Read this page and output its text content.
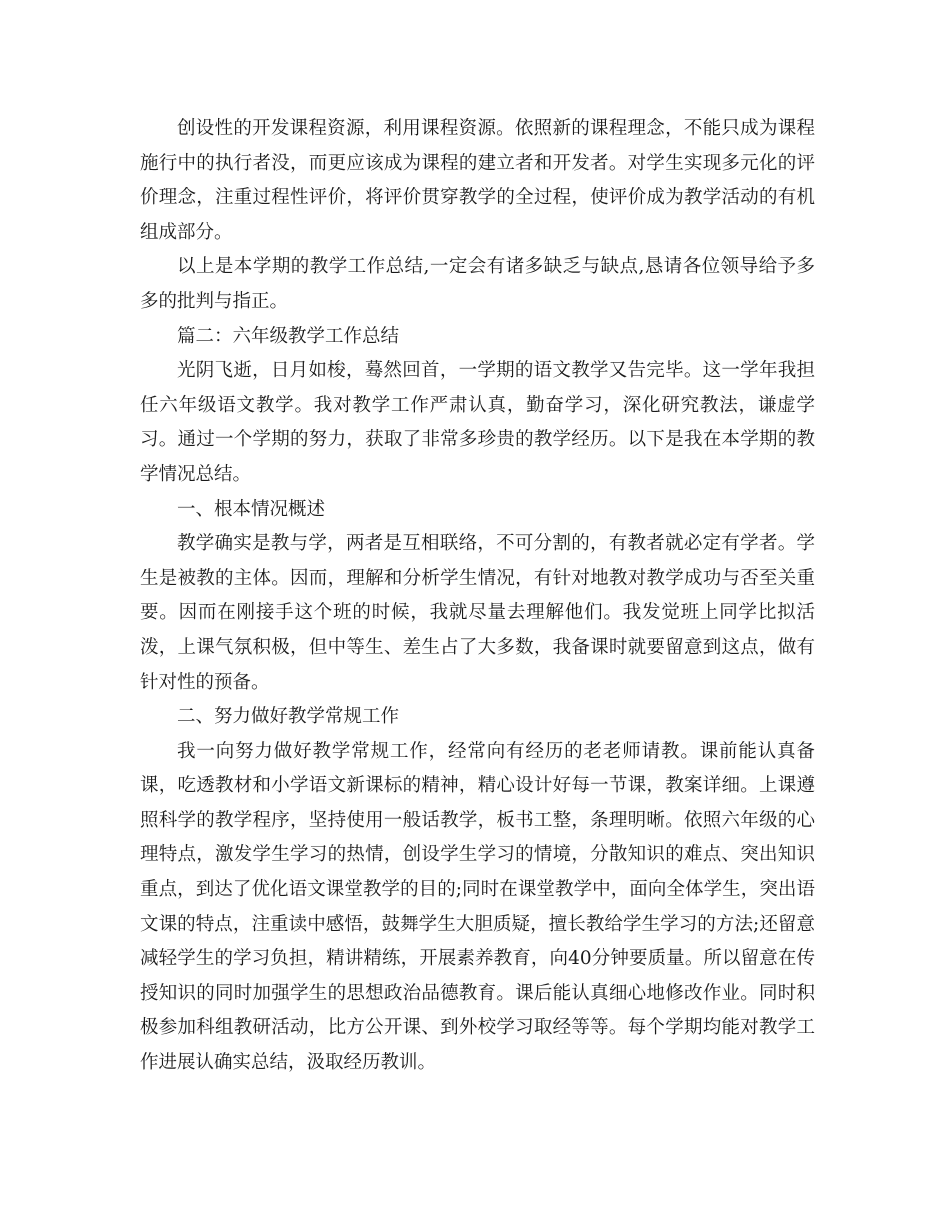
创设性的开发课程资源，利用课程资源。依照新的课程理念，不能只成为课程施行中的执行者没，而更应该成为课程的建立者和开发者。对学生实现多元化的评价理念，注重过程性评价，将评价贯穿教学的全过程，使评价成为教学活动的有机组成部分。

以上是本学期的教学工作总结,一定会有诸多缺乏与缺点,恳请各位领导给予多多的批判与指正。

篇二：六年级教学工作总结

光阴飞逝，日月如梭，蓦然回首，一学期的语文教学又告完毕。这一学年我担任六年级语文教学。我对教学工作严肃认真，勤奋学习，深化研究教法，谦虚学习。通过一个学期的努力，获取了非常多珍贵的教学经历。以下是我在本学期的教学情况总结。

一、根本情况概述

教学确实是教与学，两者是互相联络，不可分割的，有教者就必定有学者。学生是被教的主体。因而，理解和分析学生情况，有针对地教对教学成功与否至关重要。因而在刚接手这个班的时候，我就尽量去理解他们。我发觉班上同学比拟活泼，上课气氛积极，但中等生、差生占了大多数，我备课时就要留意到这点，做有针对性的预备。

二、努力做好教学常规工作

我一向努力做好教学常规工作，经常向有经历的老老师请教。课前能认真备课，吃透教材和小学语文新课标的精神，精心设计好每一节课，教案详细。上课遵照科学的教学程序，坚持使用一般话教学，板书工整，条理明晰。依照六年级的心理特点，激发学生学习的热情，创设学生学习的情境，分散知识的难点、突出知识重点，到达了优化语文课堂教学的目的;同时在课堂教学中，面向全体学生，突出语文课的特点，注重读中感悟，鼓舞学生大胆质疑，擅长教给学生学习的方法;还留意减轻学生的学习负担，精讲精练，开展素养教育，向40分钟要质量。所以留意在传授知识的同时加强学生的思想政治品德教育。课后能认真细心地修改作业。同时积极参加科组教研活动，比方公开课、到外校学习取经等等。每个学期均能对教学工作进展认确实总结，汲取经历教训。
